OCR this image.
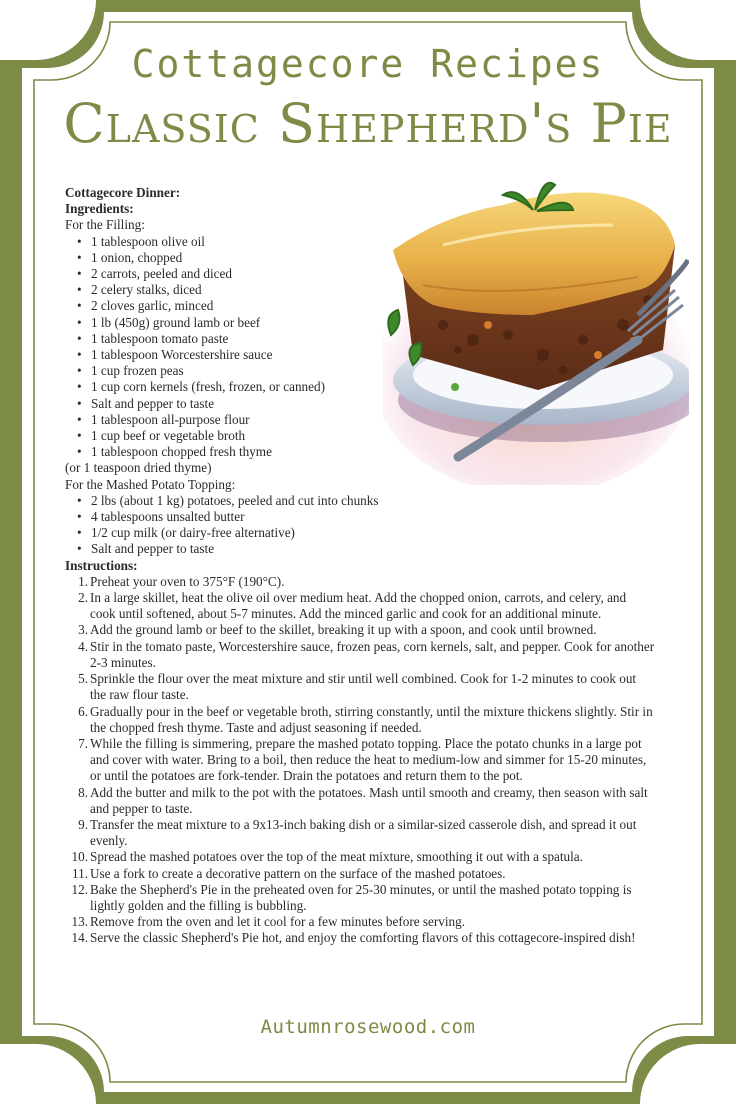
Cottagecore Recipes
Classic Shepherd's Pie
Cottagecore Dinner:
Ingredients:
For the Filling:
• 1 tablespoon olive oil
• 1 onion, chopped
• 2 carrots, peeled and diced
• 2 celery stalks, diced
• 2 cloves garlic, minced
• 1 lb (450g) ground lamb or beef
• 1 tablespoon tomato paste
• 1 tablespoon Worcestershire sauce
• 1 cup frozen peas
• 1 cup corn kernels (fresh, frozen, or canned)
• Salt and pepper to taste
• 1 tablespoon all-purpose flour
• 1 cup beef or vegetable broth
• 1 tablespoon chopped fresh thyme
(or 1 teaspoon dried thyme)
For the Mashed Potato Topping:
• 2 lbs (about 1 kg) potatoes, peeled and cut into chunks
• 4 tablespoons unsalted butter
• 1/2 cup milk (or dairy-free alternative)
• Salt and pepper to taste
Instructions:
1. Preheat your oven to 375°F (190°C).
2. In a large skillet, heat the olive oil over medium heat. Add the chopped onion, carrots, and celery, and cook until softened, about 5-7 minutes. Add the minced garlic and cook for an additional minute.
3. Add the ground lamb or beef to the skillet, breaking it up with a spoon, and cook until browned.
4. Stir in the tomato paste, Worcestershire sauce, frozen peas, corn kernels, salt, and pepper. Cook for another 2-3 minutes.
5. Sprinkle the flour over the meat mixture and stir until well combined. Cook for 1-2 minutes to cook out the raw flour taste.
6. Gradually pour in the beef or vegetable broth, stirring constantly, until the mixture thickens slightly. Stir in the chopped fresh thyme. Taste and adjust seasoning if needed.
7. While the filling is simmering, prepare the mashed potato topping. Place the potato chunks in a large pot and cover with water. Bring to a boil, then reduce the heat to medium-low and simmer for 15-20 minutes, or until the potatoes are fork-tender. Drain the potatoes and return them to the pot.
8. Add the butter and milk to the pot with the potatoes. Mash until smooth and creamy, then season with salt and pepper to taste.
9. Transfer the meat mixture to a 9x13-inch baking dish or a similar-sized casserole dish, and spread it out evenly.
10. Spread the mashed potatoes over the top of the meat mixture, smoothing it out with a spatula.
11. Use a fork to create a decorative pattern on the surface of the mashed potatoes.
12. Bake the Shepherd's Pie in the preheated oven for 25-30 minutes, or until the mashed potato topping is lightly golden and the filling is bubbling.
13. Remove from the oven and let it cool for a few minutes before serving.
14. Serve the classic Shepherd's Pie hot, and enjoy the comforting flavors of this cottagecore-inspired dish!
Autumnrosewood.com
